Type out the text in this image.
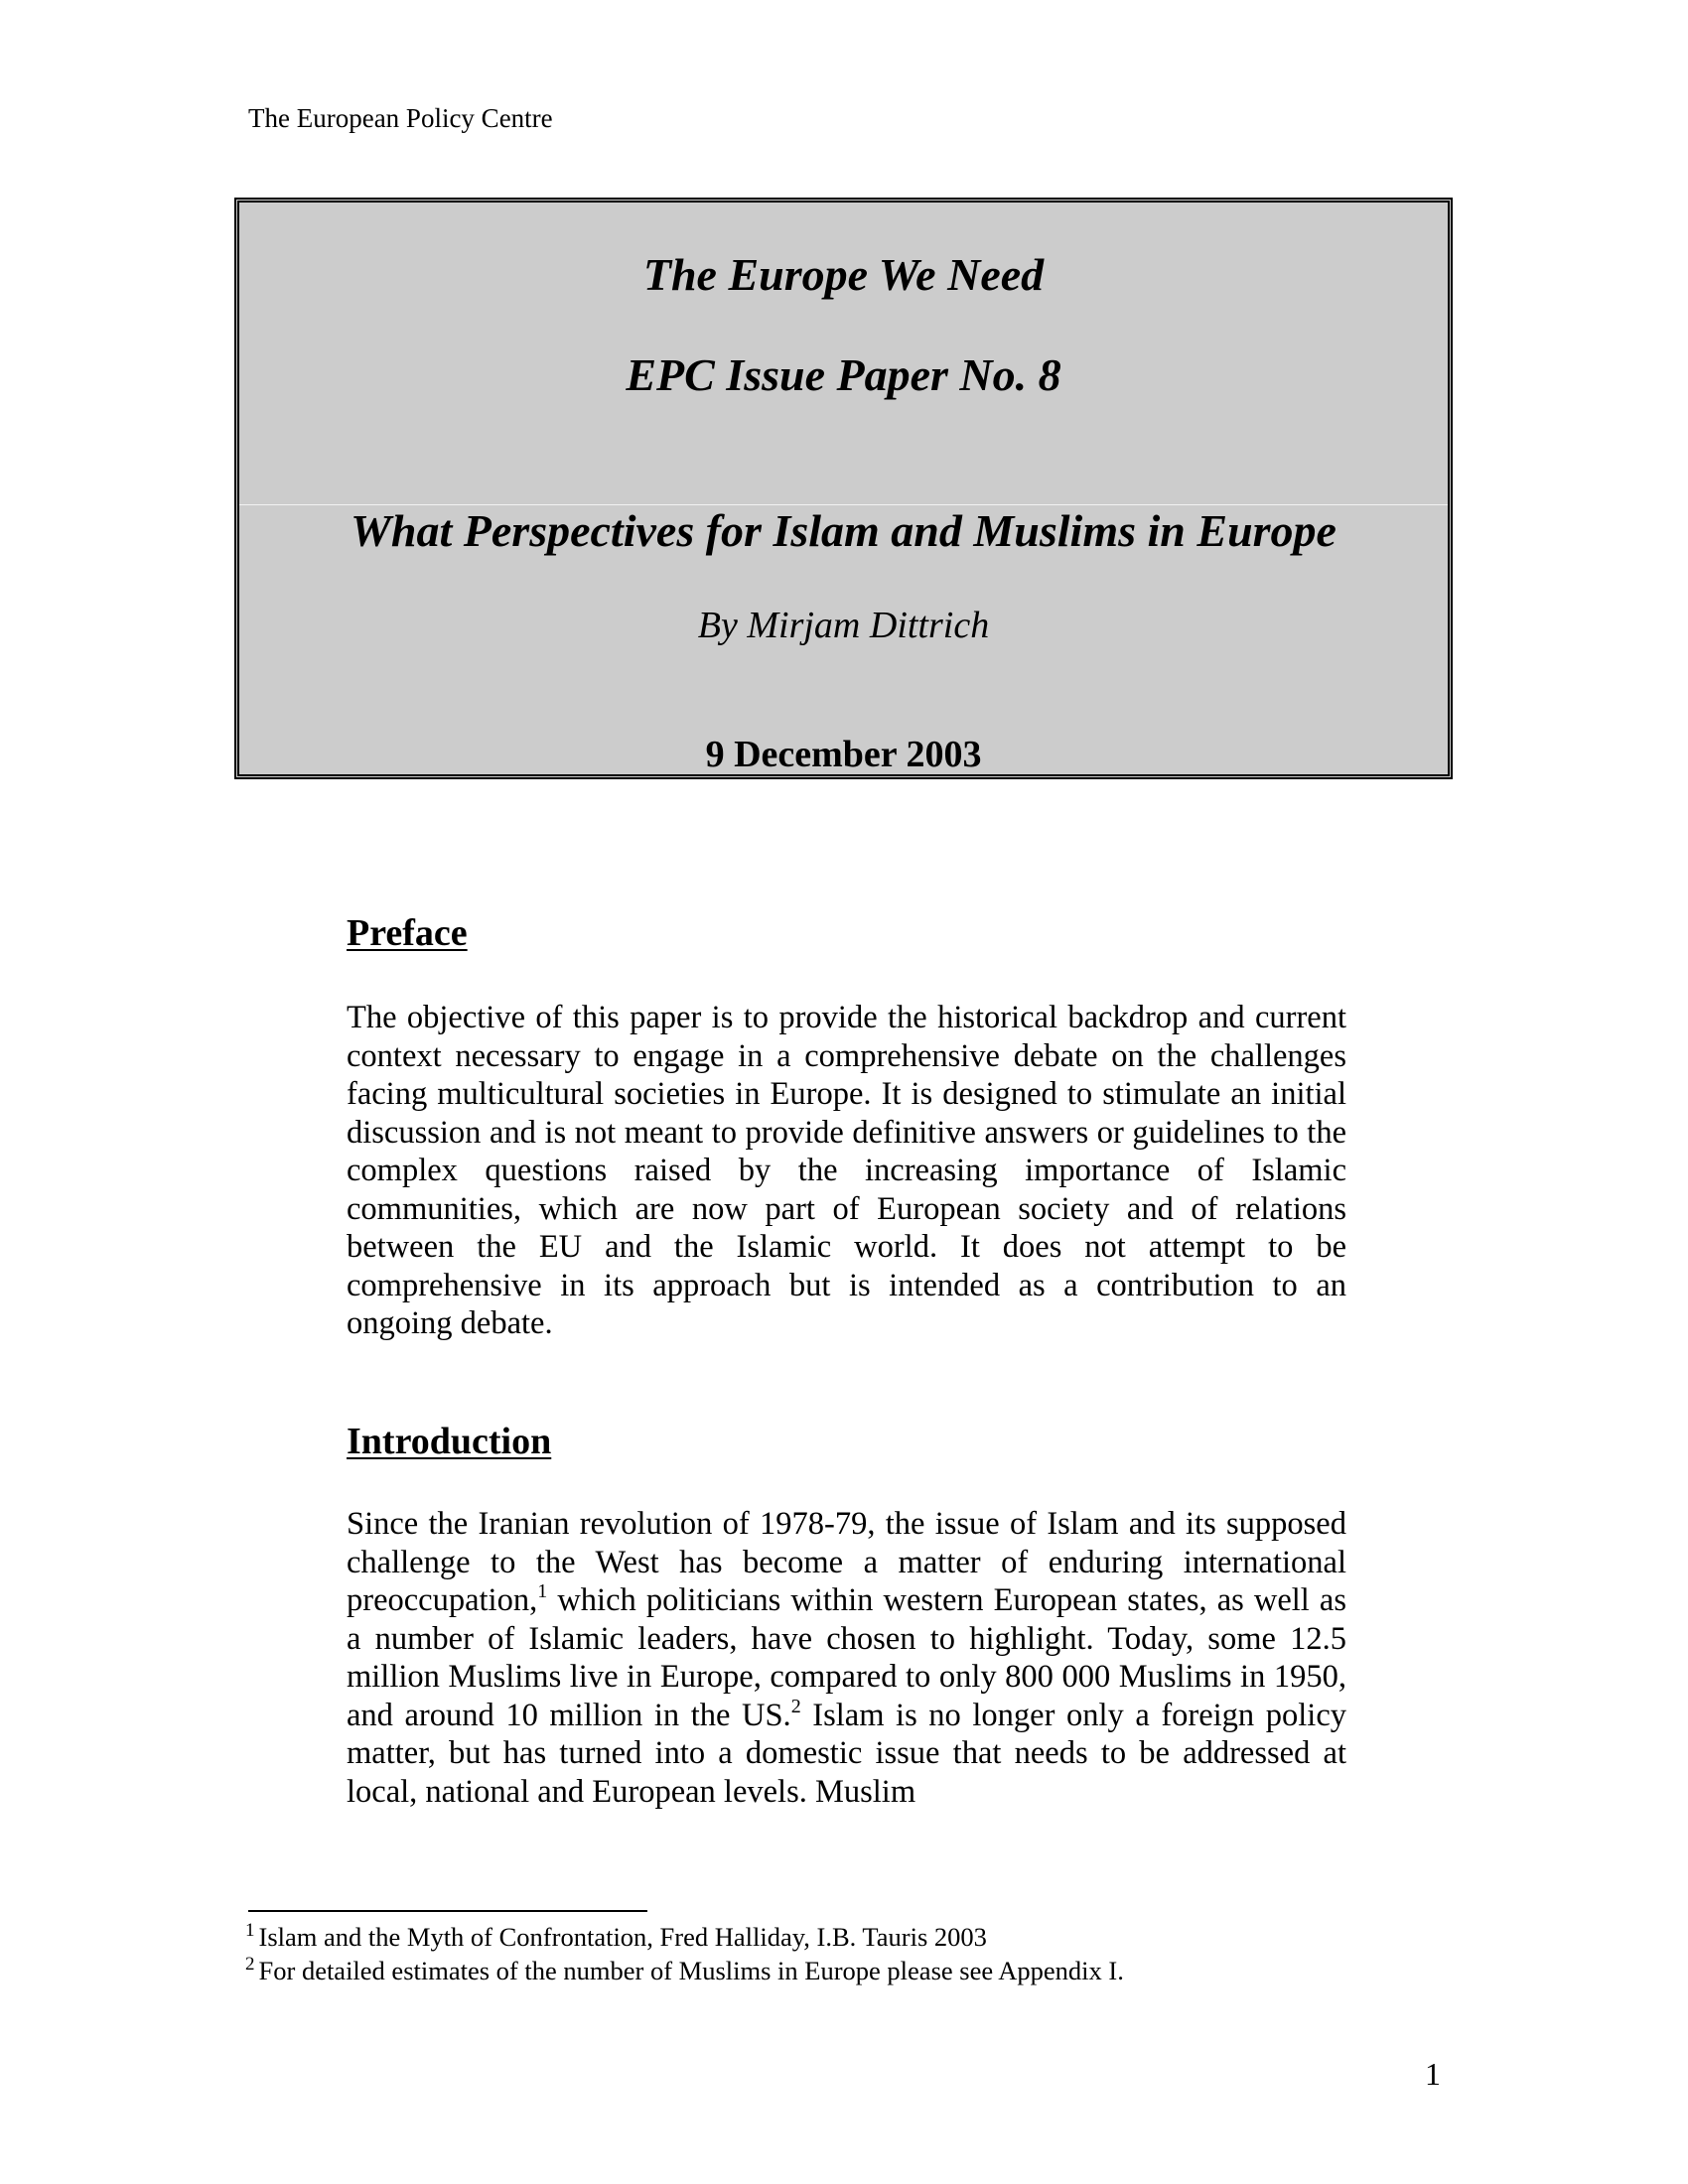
The European Policy Centre
The Europe We Need
EPC Issue Paper No. 8
What Perspectives for Islam and Muslims in Europe
By Mirjam Dittrich
9 December 2003
Preface

The objective of this paper is to provide the historical backdrop and current context necessary to engage in a comprehensive debate on the challenges facing multicultural societies in Europe. It is designed to stimulate an initial discussion and is not meant to provide definitive answers or guidelines to the complex questions raised by the increasing importance of Islamic communities, which are now part of European society and of relations between the EU and the Islamic world. It does not attempt to be comprehensive in its approach but is intended as a contribution to an ongoing debate.

Introduction

Since the Iranian revolution of 1978-79, the issue of Islam and its supposed challenge to the West has become a matter of enduring international preoccupation,$^1$ which politicians within western European states, as well as a number of Islamic leaders, have chosen to highlight. Today, some 12.5 million Muslims live in Europe, compared to only 800 000 Muslims in 1950, and around 10 million in the US.$^2$ Islam is no longer only a foreign policy matter, but has turned into a domestic issue that needs to be addressed at local, national and European levels. Muslim

$^1$ Islam and the Myth of Confrontation, Fred Halliday, I.B. Tauris 2003
$^2$ For detailed estimates of the number of Muslims in Europe please see Appendix I.
1
